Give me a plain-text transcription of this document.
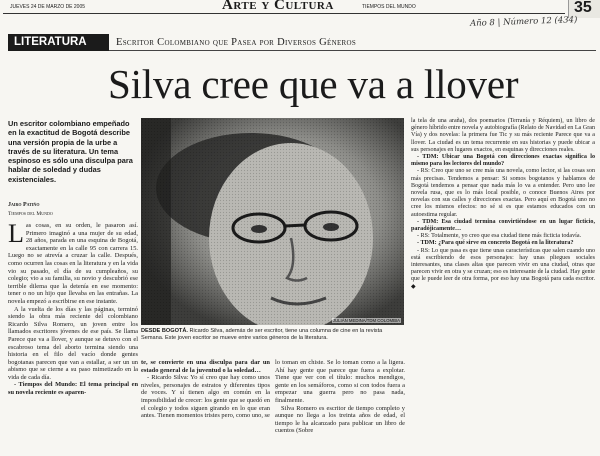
JUEVES 24 DE MARZO DE 2005	Arte y Cultura	TIEMPOS DEL MUNDO	35
Año 8 | Número 12 (434)
LITERATURA	Escritor Colombiano que Pasea por Diversos Géneros
Silva cree que va a llover
Un escritor colombiano empeñado en la exactitud de Bogotá describe una versión propia de la urbe a través de su literatura. Un tema espinoso es sólo una disculpa para hablar de soledad y dudas existenciales.
Jairo Patiño
Tiempos del Mundo
JULIÁN MEDINA/TDM COLOMBIA
DESDE BOGOTÁ. Ricardo Silva, además de ser escritor, tiene una columna de cine en la revista Semana. Este joven escritor se mueve entre varios géneros de la literatura.

Las cosas, en su orden, le pasaron así. Primero imaginó a una mujer de su edad, 28 años, parada en una esquina de Bogotá, exactamente en la calle 95 con carrera 15. Luego no se atrevía a cruzar la calle. Después, como ocurren las cosas en la literatura y en la vida vio su pasado, el día de su cumpleaños, su colegio; vio a su familia, su novio y descubrió ese terrible dilema que la detenía en ese momento: tener o no un hijo que llevaba en las entrañas. La novela empezó a escribirse en ese instante.

A la vuelta de los días y las páginas, terminó siendo la obra más reciente del colombiano Ricardo Silva Romero, un joven entre los llamados escritores jóvenes de ese país. Se llama Parece que va a llover, y aunque se detuvo con el escabroso tema del aborto termina siendo una historia en el filo del vacío donde gentes bogotanas parecen que van a estallar, a ser un un abismo que se cierne a su paso mimetizado en la vida de cada día.

- Tiempos del Mundo: El tema principal en su novela reciente es aparen-

te, se convierte en una disculpa para dar un estado general de la juventud o la soledad…

- Ricardo Silva: Yo sí creo que hay como unos niveles, personajes de estratos y diferentes tipos de voces. Y sí tienen algo en común en la imposibilidad de crecer: los gente que se quedó en el colegio y todos siguen girando en lo que eran antes. Tienen momentos tristes pero, como uno, se

lo toman en chiste. Se lo toman como a la ligera. Ahí hay gente que parece que fuera a explotar. Tiene que ver con el título: muchos mendigos, gente en los semáforos, como si con todos fuera a empezar una guerra pero no pasa nada, finalmente.

Silva Romero es escritor de tiempo completo y aunque no llega a los treinta años de edad, el tiempo le ha alcanzado para publicar un libro de cuentos (Sobre

la tela de una araña), dos poemarios (Terranía y Réquiem), un libro de género híbrido entre novela y autobiografía (Relato de Navidad en La Gran Vía) y dos novelas: la primera fue Tic y su más reciente Parece que va a llover. La ciudad es un tema recurrente en sus historias y puede ubicar a sus personajes en lugares exactos, en esquinas y direcciones reales.

- TDM: Ubicar una Bogotá con direcciones exactas significa lo mismo para los lectores del mundo?

- RS: Creo que uno se cree más una novela, como lector, si las cosas son más precisas. Tendemos a pensar: Si somos bogotanos y hablamos de Bogotá tendemos a pensar que nada más lo va a entender. Pero uno lee novela rusa, que es lo más local posible, o conoce Buenos Aires por novelas con sus calles y direcciones exactas. Pero aquí en Bogotá uno no cree los mismos efectos: no sé si es que estamos educados con un autoestima regular.

- TDM: Esa ciudad termina convirtiéndose en un lugar ficticio, paradójicamente…

- RS: Totalmente, yo creo que esa ciudad tiene más ficticia todavía.

- TDM: ¿Para qué sirve en concreto Bogotá en la literatura?

- RS: Lo que pasa es que tiene unas características que salen cuando uno está escribiendo de esos personajes: hay unas pliegues sociales interesantes, una clases altas que parecen vivir en una ciudad, otras que parecen vivir en otra y se cruzan; eso es interesante de la ciudad. Hay gente que le puede leer de otra forma, por eso hay una Bogotá para cada escritor. ◆
